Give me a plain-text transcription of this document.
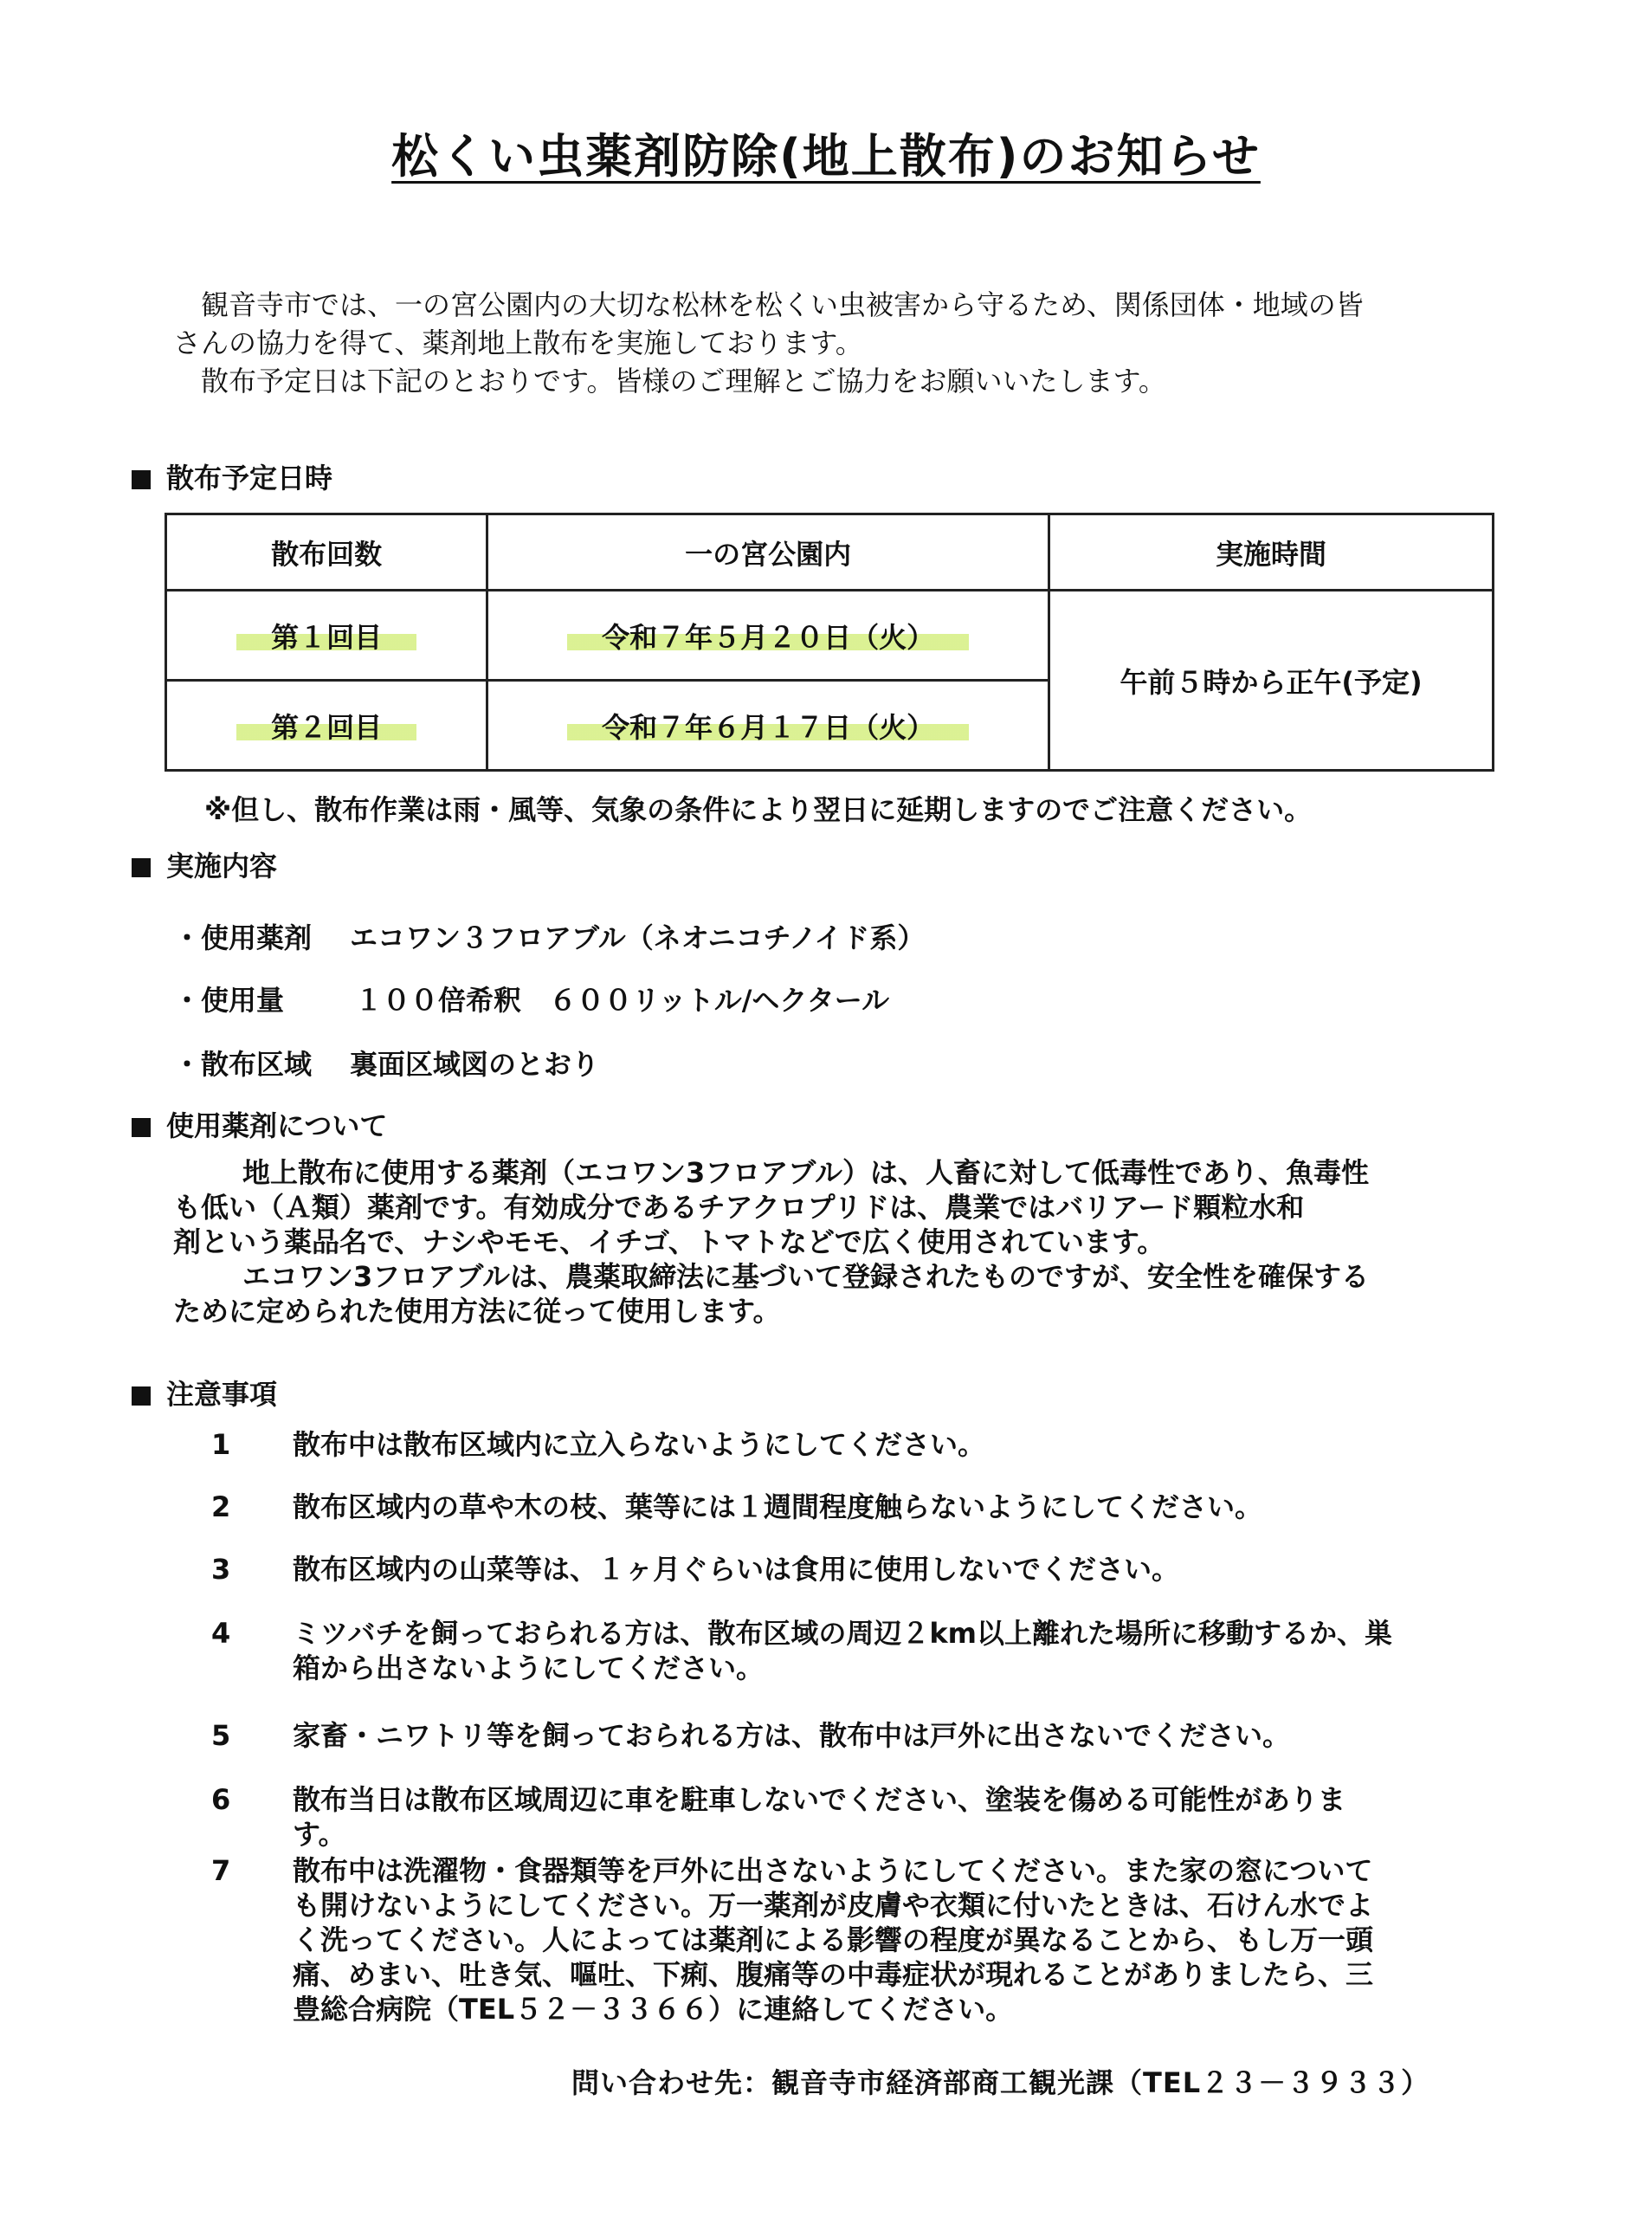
松くい虫薬剤防除(地上散布)のお知らせ
観音寺市では、一の宮公園内の大切な松林を松くい虫被害から守るため、関係団体・地域の皆
さんの協力を得て、薬剤地上散布を実施しております。
散布予定日は下記のとおりです。皆様のご理解とご協力をお願いいたします。
散布予定日時
散布回数	一の宮公園内	実施時間
第１回目	令和７年５月２０日（火）	午前５時から正午(予定)
第２回目	令和７年６月１７日（火）	
※但し、散布作業は雨・風等、気象の条件により翌日に延期しますのでご注意ください。
実施内容
・使用薬剤 エコワン３フロアブル（ネオニコチノイド系）
・使用量	１００倍希釈　６００リットル/ヘクタール
・散布区域 裏面区域図のとおり
使用薬剤について
地上散布に使用する薬剤（エコワン3フロアブル）は、人畜に対して低毒性であり、魚毒性
も低い（Ａ類）薬剤です。有効成分であるチアクロプリドは、農業ではバリアード顆粒水和
剤という薬品名で、ナシやモモ、イチゴ、トマトなどで広く使用されています。
エコワン3フロアブルは、農薬取締法に基づいて登録されたものですが、安全性を確保する
ために定められた使用方法に従って使用します。
注意事項
1	散布中は散布区域内に立入らないようにしてください。
2	散布区域内の草や木の枝、葉等には１週間程度触らないようにしてください。
3	散布区域内の山菜等は、１ヶ月ぐらいは食用に使用しないでください。
4	ミツバチを飼っておられる方は、散布区域の周辺２km以上離れた場所に移動するか、巣
箱から出さないようにしてください。
5	家畜・ニワトリ等を飼っておられる方は、散布中は戸外に出さないでください。
6	散布当日は散布区域周辺に車を駐車しないでください、塗装を傷める可能性がありま
す。
7	散布中は洗濯物・食器類等を戸外に出さないようにしてください。また家の窓について
も開けないようにしてください。万一薬剤が皮膚や衣類に付いたときは、石けん水でよ
く洗ってください。人によっては薬剤による影響の程度が異なることから、もし万一頭
痛、めまい、吐き気、嘔吐、下痢、腹痛等の中毒症状が現れることがありましたら、三
豊総合病院（TEL５２－３３６６）に連絡してください。
問い合わせ先：観音寺市経済部商工観光課（TEL２３－３９３３）
